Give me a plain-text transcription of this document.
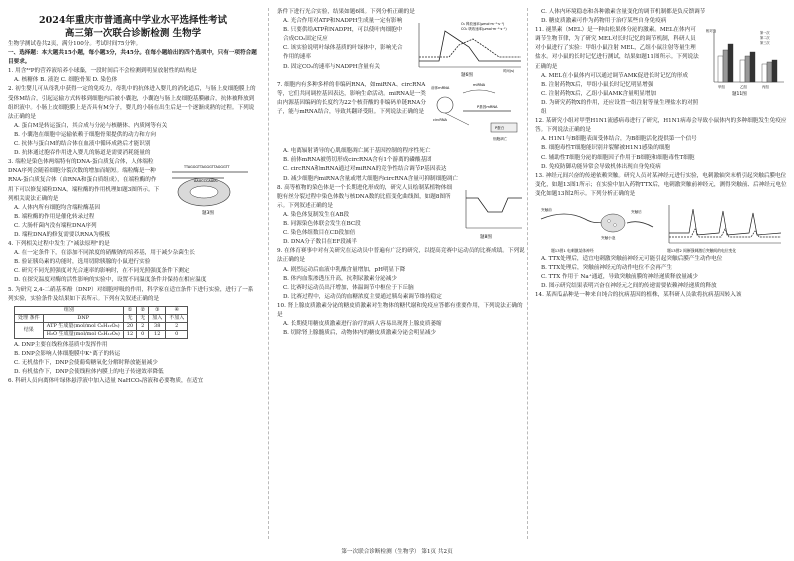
2024年重庆市普通高中学业水平选择性考试
高三第一次联合诊断检测 生物学
生物学测试卷共2页，满分100分。考试时间75分钟。
一、选择题：本大题共15小题，每小题3分，共45分。在每小题给出的四个选项中，只有一项符合题目要求。
1. 用含³²P的营养液培养小球藻，一段时间后不会检测到明显放射性的结构是
A. 核糖体 B. 液泡 C. 细胞骨架 D. 染色体
2. 初生婴儿可从母乳中获得一定的免疫力，母乳中的抗体进入婴儿的消化道后，与肠上皮细胞膜上的受体M结合，引起运输方式转移到细胞内后被小囊泡，小囊泡与肠上皮细胞基膜融合，抗体被释放到组织液中。小肠上皮细胞膜上是否具有M分子，婴儿的小肠在出生后是一个逐渐成熟的过程。下列说法正确的是
A. 蛋白M是转运蛋白，其合成与分泌与核糖体、内质网等有关
B. 小囊泡在细胞中运输依赖于细胞骨架提供的动力和方向
C. 抗体与蛋白M的结合体在血液中循环成熟后才能识别
D. 抗体通过胞吞作用进入婴儿的肠道是需要消耗能量的
3. 端粒是染色体两端特有的DNA-蛋白质复合体，人体端粒DNA序列会随着细胞分裂次数的增加而缩短。端粒酶是一种RNA-蛋白质复合体（由RNA和蛋白质组成），在端粒酶的作用下可以修复端粒DNA，端粒酶的作用机理如题3图所示。下列相关说法正确的是
A. 人体内所有细胞均含端粒酶基因
B. 端粒酶的作用是催化转录过程
C. 大肠杆菌内没有端粒DNA序列
D. 端粒DNA的修复需要以RNA为模板
TTAGGGTTAGGGTTAGGGTT
AAUCCCAAUC
题3图
4. 下列相关过程中发生了"减法原理"的是
A. 在一定条件下，在添加不同浓度的硝酸钠的培养基，用于减少杂菌生长
B. 验证胰岛素的功能时，选用切除胰腺的小鼠进行实验
C. 研究不同光照强度对光合速率的影响时，在不同光照强度条件下测定
D. 在探究温度对酶的活性影响的实验中，设置不同温度条件并保持在相应温度
5. 为研究 2,4-二硝基苯酚（DNP）对细胞呼吸的作用，科学家在适宜条件下进行实验，进行了一系列实验，实验条件及结果如下表所示。下列有关叙述正确的是
组别		①	②	③	④
处理 条件	DNP	无	无	加入	不加入
结果	ATP 生成量(mol/mol C₆H₁₂O₆)	20	2	38	2
	H₂O 生成量(mol/mol C₆H₁₂O₆)	12	0	12	0
A. DNP主要在线粒体基质中发挥作用
B. DNP会影响人体细胞膜中K⁺离子的转运
C. 无机盐作下，DNP会使葡萄糖氧化分解时释放能量减少
D. 有机盐作下，DNP会使线粒体内膜上的电子传递效率降低
6. 科研人员向离体叶绿体悬浮液中加入适量 NaHCO₃溶液和必要物质，在适宜
条件下进行光合实验，结果如题6图。下列分析正确的是
A. 光合作用对ATP和NADPH生成量一定有影响
B. 只要供给ATP和NADPH，可以使叶肉细胞中合成CO₂固定反应
C. 该实验说明叶绿体基质的叶绿体中，影响光合作用的速率
D. 固定CO₂的速率与NADPH含量有关
O₂ 释放速率(μmol·m⁻²·s⁻¹)
CO₂ 吸收速率(μmol·m⁻²·s⁻¹)
时间(s)
题6图
7. 细胞内有多种多样的非编码RNA，如miRNA、circRNA等，它们共同调控基因表达，影响生命活动。miRNA是一类由内源基因编码的长度约为22个核苷酸的非编码单链RNA分子，能与mRNA结合，导致其翻译受阻。下列说法正确的是
前体mRNA
miRNA
circRNA
P基因mRNA
P蛋白
细胞凋亡
A. 电离辐射诱导的心肌细胞凋亡属于基因控制的程序性死亡
B. 前体mRNA被剪切形成circRNA含有1个游离的磷酸基团
C. circRNA和mRNA通过对miRNA的竞争性结合调节P基因表达
D. 减少细胞内miRNA含量或增大细胞内circRNA含量可抑制细胞凋亡
8. 高等植物的染色体是一个长期进化形成的，研究人员绘制某植物体细胞有丝分裂过程中染色体数与核DNA数的比值变化曲线图，如题8图所示。下列叙述正确的是
A. 染色体复制发生在AB段
B. 同源染色体联会发生在BC段
C. 染色体组数目在CD段加倍
D. DNA分子数目在EF段减半
题8图
9. 在体育赛事中对有关研究在运动员中普遍有广泛的研究，以提高竞赛中运动员的比赛成绩。下列说法正确的是
A. 剧烈运动后血液中乳酸含量增加，pH明显下降
B. 体内血浆渗透压升高，抗利尿激素分泌减少
C. 比赛时运动员出汗增加，体温调节中枢位于下丘脑
D. 比赛过程中，运动员的血糖浓度主要通过胰岛素调节维持稳定
10. 肾上腺皮质激素分泌的糖皮质激素对生物体的糖代谢和免疫应答都有重要作用，下列说法正确的是
A. 长期使用糖皮质激素进行治疗的病人容易出现肾上腺皮质萎缩
B. 切除肾上腺髓质后，动物体内的糖皮质激素分泌会明显减少
C. 人体内环境稳态和各种激素含量变化的调节机制都是负反馈调节
D. 糖皮质激素可作为药物用于治疗某些自身免疫病
11. 褪黑素（MEL）是一种由松果体分泌的激素。MEL在体内可调节生物节律，为了研究 MEL对长时记忆的调节机制，科研人员对小鼠进行了实验：甲组小鼠注射 MEL，乙组小鼠注射等量生理盐水。对小鼠的长时记忆进行测试，结果如题11图所示。下列说法正确的是
A. MEL在小鼠体内可以通过调节AMK促进长时记忆的形成
B. 注射药物X后，甲组小鼠长时记忆明显增强
C. 注射药物X后，乙组小鼠AMK含量明显增加
D. 为研究药物X的作用，还应设置一组注射等量生理盐水的对照组
相对值
甲组	乙组	丙组
第一次
第二次
第三次
题11图
12. 某研究小组对甲型H1N1流感病毒进行了研究，H1N1病毒会导致小鼠体内的多种细胞发生免疫应答。下列说法正确的是
A. H1N1与B细胞表面受体结合，为B细胞活化提供第一个信号
B. 细胞毒性T细胞能识别并裂解被H1N1感染的细胞
C. 辅助性T细胞分泌的细胞因子作用于B细胞和细胞毒性T细胞
D. 免疫防御功能异常会导致机体出现自身免疫病
13. 神经元间兴奋的传递依赖突触。研究人员对某神经元进行实验，电刺激轴突末梢引起突触后膜电位变化，如题13图1所示；在实验中加入药物TTX后，电刺激突触前神经元，测得突触前、后神经元电位变化如题13图2所示。下列分析正确的是
突触前	突触后
突触小泡
题13图1 电刺激某体神经	题13图2 间断强刺激后突触间的电位变化
A. TTX处理后，适宜电刺激突触前神经元可能引起突触后膜产生动作电位
B. TTX处理后，突触前神经元的动作电位不会再产生
C. TTX 作用于 Na⁺通道，导致突触前膜的神经递质释放量减少
D. 图示研究结果表明兴奋在神经元之间的传递需要依赖神经递质的释放
14. 某西瓜品种是一种来自纯合的抗病基因的植株，某科研人员欲将抗病基因转入该
第一次联合诊断检测（生物学） 第1页 共2页
